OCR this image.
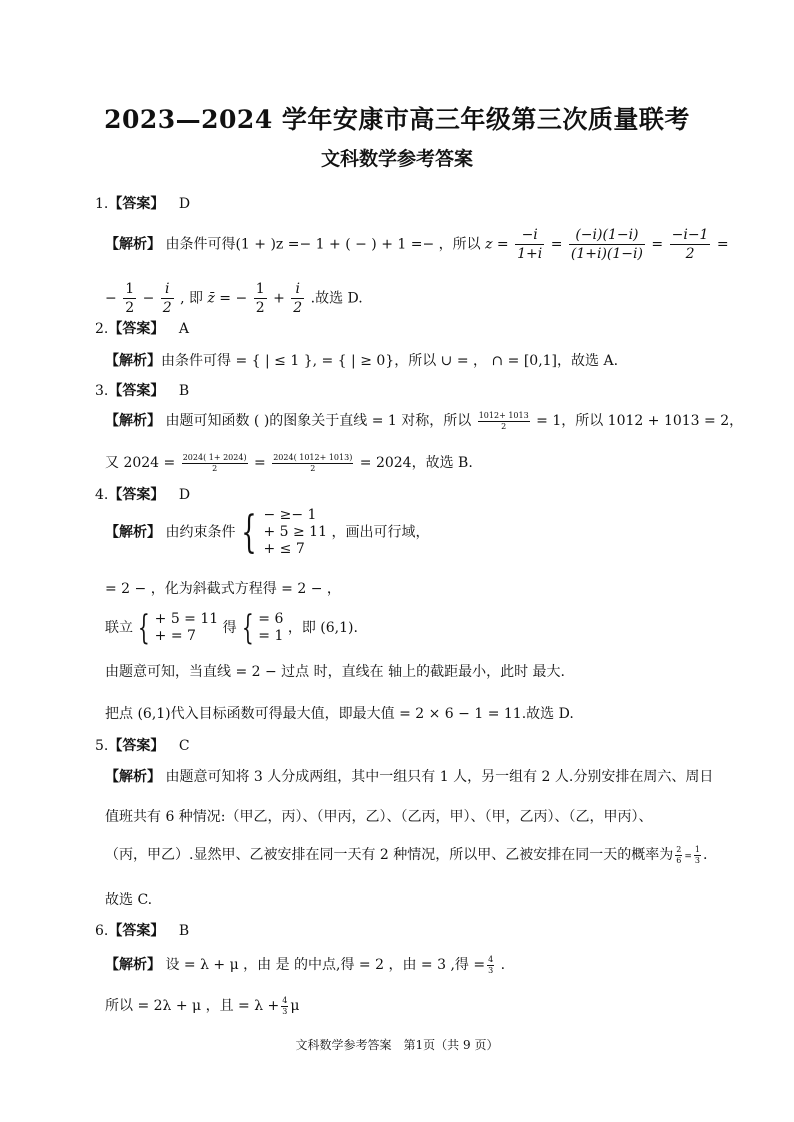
2023—2024 学年安康市高三年级第三次质量联考
文科数学参考答案
1.【答案】 D
【解析】 由条件可得(1 + )z =− 1 + ( − ) + 1 =− ，所以 $z = \frac{-i}{1+i} = \frac{(-i)(1-i)}{(1+i)(1-i)} = \frac{-i-1}{2}$ =
− $\frac{1}{2} - \frac{i}{2}$ , 即 z̄ = − $\frac{1}{2} + \frac{i}{2}$ .故选 D.
2.【答案】 A
【解析】由条件可得 = { | ≤ 1 }, = { | ≥ 0}，所以 ∪ = ， ∩ = [0,1]，故选 A.
3.【答案】 B
【解析】 由题可知函数 ( )的图象关于直线 = 1 对称，所以 $\frac{1012+ 1013}{2} = 1$，所以 1012 + 1013 = 2，
又 $2024 = \frac{2024( 1+ 2024)}{2} = \frac{2024( 1012+ 1013)}{2} = 2024$，故选 B.
4.【答案】 D
【解析】 由约束条件 { − ≥− 1
+ 5 ≥ 11
+ ≤ 7
，画出可行域，
= 2 − ，化为斜截式方程得 = 2 − ，
联立 { + 5 = 11
+ = 7	得 { = 6
= 1 ，即 (6,1).
由题意可知，当直线 = 2 − 过点 时，直线在 轴上的截距最小，此时 最大.
把点 (6,1)代入目标函数可得最大值，即最大值 = 2 × 6 − 1 = 11.故选 D.
5.【答案】 C
【解析】 由题意可知将 3 人分成两组，其中一组只有 1 人，另一组有 2 人.分别安排在周六、周日
值班共有 6 种情况:（甲乙，丙）、（甲丙，乙）、（乙丙，甲）、（甲，乙丙）、（乙，甲丙）、
（丙，甲乙）.显然甲、乙被安排在同一天有 2 种情况，所以甲、乙被安排在同一天的概率为 $\frac{2}{6} = \frac{1}{3}$ .
故选 C.
6.【答案】 B
【解析】 设 = λ + μ ，由 是 的中点,得 = 2 ，由 = 3 ,得 = $\frac{4}{3}$ .
所以 = 2λ + μ ，且 = $\lambda + \frac{4}{3}$ μ
文科数学参考答案　第1页（共 9 页）
